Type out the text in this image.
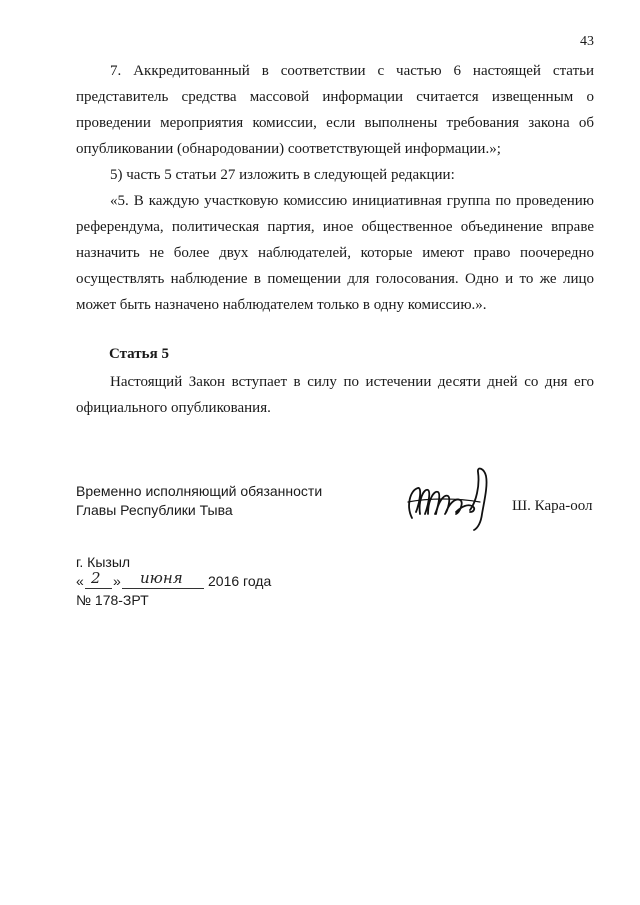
43

7. Аккредитованный в соответствии с частью 6 настоящей статьи представитель средства массовой информации считается извещенным о проведении мероприятия комиссии, если выполнены требования закона об опубликовании (обнародовании) соответствующей информации.»;

5) часть 5 статьи 27 изложить в следующей редакции:

«5. В каждую участковую комиссию инициативная группа по проведению референдума, политическая партия, иное общественное объединение вправе назначить не более двух наблюдателей, которые имеют право поочередно осуществлять наблюдение в помещении для голосования. Одно и то же лицо может быть назначено наблюдателем только в одну комиссию.».

Статья 5

Настоящий Закон вступает в силу по истечении десяти дней со дня его официального опубликования.

Временно исполняющий обязанности
Главы Республики Тыва	Ш. Кара-оол
г. Кызыл
« 2 » июня 2016 года
№ 178-ЗРТ
